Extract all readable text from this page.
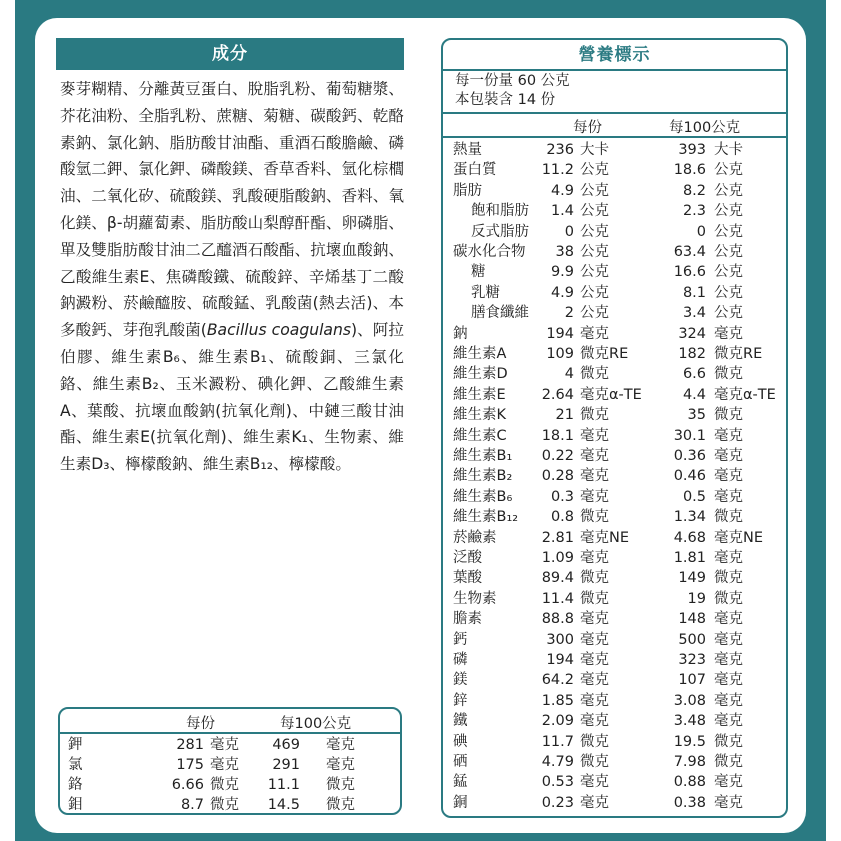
成分
麥芽糊精、分離黃豆蛋白、脫脂乳粉、葡萄糖漿、芥花油粉、全脂乳粉、蔗糖、菊糖、碳酸鈣、乾酪素鈉、氯化鈉、脂肪酸甘油酯、重酒石酸膽鹼、磷酸氫二鉀、氯化鉀、磷酸鎂、香草香料、氫化棕櫚油、二氧化矽、硫酸鎂、乳酸硬脂酸鈉、香料、氧化鎂、β-胡蘿蔔素、脂肪酸山梨醇酐酯、卵磷脂、單及雙脂肪酸甘油二乙醯酒石酸酯、抗壞血酸鈉、乙酸維生素E、焦磷酸鐵、硫酸鋅、辛烯基丁二酸鈉澱粉、菸鹼醯胺、硫酸錳、乳酸菌(熱去活)、本多酸鈣、芽孢乳酸菌(Bacillus coagulans)、阿拉伯膠、維生素B₆、維生素B₁、硫酸銅、三氯化鉻、維生素B₂、玉米澱粉、碘化鉀、乙酸維生素A、葉酸、抗壞血酸鈉(抗氧化劑)、中鏈三酸甘油酯、維生素E(抗氧化劑)、維生素K₁、生物素、維生素D₃、檸檬酸鈉、維生素B₁₂、檸檬酸。
每份	每100公克
鉀	281 毫克 469 毫克
氯	175 毫克 291 毫克
鉻	6.66 微克 11.1 微克
鉬	8.7 微克 14.5 微克
營養標示
每一份量 60 公克
本包裝含 14 份
每份	每100公克
熱量	236 大卡	393 大卡
蛋白質	11.2 公克	18.6 公克
脂肪	4.9 公克	8.2 公克
飽和脂肪 1.4 公克	2.3 公克
反式脂肪 0 公克	0 公克
碳水化合物 38 公克	63.4 公克
糖	9.9 公克	16.6 公克
乳糖	4.9 公克	8.1 公克
膳食纖維 2 公克	3.4 公克
鈉	194 毫克	324 毫克
維生素A	109 微克RE	182 微克RE
維生素D	4 微克	6.6 微克
維生素E 2.64 毫克α-TE	4.4 毫克α-TE
維生素K	21 微克	35 微克
維生素C 18.1 毫克	30.1 毫克
維生素B₁ 0.22 毫克	0.36 毫克
維生素B₂ 0.28 毫克	0.46 毫克
維生素B₆	0.3 毫克	0.5 毫克
維生素B₁₂ 0.8 微克	1.34 微克
菸鹼素	2.81 毫克NE	4.68 毫克NE
泛酸	1.09 毫克	1.81 毫克
葉酸	89.4 微克	149 微克
生物素	11.4 微克	19 微克
膽素	88.8 毫克	148 毫克
鈣	300 毫克	500 毫克
磷	194 毫克	323 毫克
鎂	64.2 毫克	107 毫克
鋅	1.85 毫克	3.08 毫克
鐵	2.09 毫克	3.48 毫克
碘	11.7 微克	19.5 微克
硒	4.79 微克	7.98 微克
錳	0.53 毫克	0.88 毫克
銅	0.23 毫克	0.38 毫克
